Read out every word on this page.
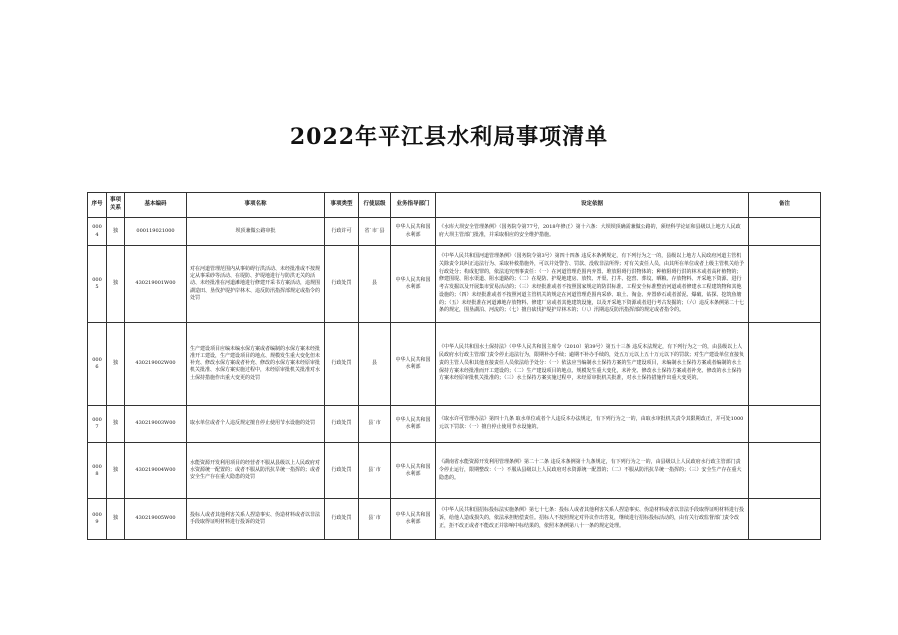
2022年平江县水利局事项清单
序号	事项关系	基本编码	事项名称	事项类型	行使层级	业务指导部门	设定依据	备注
0004	独	000119021000	坝顶兼做公路审批	行政许可	省`市`县	中华人民共和国水利部	《水库大坝安全管理条例》（国务院令第77号，2018年修正）第十六条：大坝坝顶确需兼做公路的，须经科学论证和县级以上地方人民政府大坝主管部门批准，并采取相应的安全维护措施。	
0005	独	430219001W00	对在河道管理范围内从事妨碍行洪活动、未经批准或不按规定从事采砂等活动、在堤防、护堤地进行与防洪无关的活动、未经批准在河道滩地进行修建开采书方案活动，违规围湖造田、垦伐护堤护岸林木、违反防汛指挥部规定或指令的处罚	行政处罚	县	中华人民共和国水利部	《中华人民共和国河道管理条例》（国务院令第3号）第四十四条 违反本条例规定，有下列行为之一的，县级以上地方人民政府河道主管机关除责令其纠正违法行为、采取补救措施外，可以并处警告、罚款、没收非法所得；对有关责任人员，由其所在单位或者上级主管机关给予行政处分；构成犯罪的，依法追究刑事责任：（一）在河道管理范围内弃置、堆放阻碍行洪物体的；种植阻碍行洪的林木或者高秆植物的；修建围堤、阻水渠道、阻水道路的；（二）在堤防、护堤地建房、放牧、开渠、打井、挖窖、葬坟、晒粮、存放物料、开采地下资源、进行考古发掘以及开展集市贸易活动的；（三）未经批准或者不按照国家规定的防洪标准、工程安全标准整治河道或者修建水工程建筑物和其他设施的；（四）未经批准或者不按照河道主管机关的规定在河道管理范围内采砂、取土、淘金、弃置砂石或者淤泥、爆破、钻探、挖筑鱼塘的；（五）未经批准在河道滩地存放物料、修建厂房或者其他建筑设施，以及开采地下资源或者进行考古发掘的；（六）违反本条例第二十七条的规定，围垦湖泊、河流的；（七）擅自砍伐护堤护岸林木的；（八）汛期违反防汛指挥部的规定或者指令的。	
0006	独	430219002W00	生产建设项目应编未编水保方案或者编制的水保方案未经批准开工建设，生产建设项目的地点、规模发生重大变化但未补充、修改水保方案或者补充、修改的水保方案未经原审批机关批准、水保方案实施过程中，未经原审批机关批准对水土保持措施作出重大变更的处罚	行政处罚	县	中华人民共和国水利部	《中华人民共和国水土保持法》（中华人民共和国主席令（2010）第39号）第五十三条 违反本法规定，有下列行为之一的，由县级以上人民政府水行政主管部门责令停止违法行为，限期补办手续；逾期不补办手续的，处五万元以上五十万元以下的罚款；对生产建设单位直接负责的主管人员和其他直接责任人员依法给予处分：（一）依法应当编制水土保持方案的生产建设项目，未编制水土保持方案或者编制的水土保持方案未经批准而开工建设的；（二）生产建设项目的地点、规模发生重大变化，未补充、修改水土保持方案或者补充、修改的水土保持方案未经原审批机关批准的；（三）水土保持方案实施过程中，未经原审批机关批准，对水土保持措施作出重大变更的。	
0007	独	430219003W00	取水单位或者个人违反规定擅自停止使用节水设施的处罚	行政处罚	县`市	中华人民共和国水利部	《取水许可管理办法》第四十九条 取水单位或者个人违反本办法规定，有下列行为之一的，由取水审批机关责令其限期改正，并可处1000元以下罚款：（一）擅自停止使用节水设施的。	
0008	独	430219004W00	水能资源开发利用项目的经营者不服从县级以上人民政府对水资源统一配置的；或者不服从防汛抗旱统一指挥的；或者安全生产存在重大隐患的处罚	行政处罚	县`市	中华人民共和国水利部	《湖南省水能资源开发利用管理条例》第二十二条 违反本条例第十九条规定，有下列行为之一的，由县级以上人民政府水行政主管部门责令停止运行，限期整改：（一）不服从县级以上人民政府对水资源统一配置的；（二）不服从防汛抗旱统一指挥的；（三）安全生产存在重大隐患的。	
0009	独	430219005W00	投标人或者其他利害关系人捏造事实、伪造材料或者以非法手段取得证明材料进行投诉的处罚	行政处罚	县`市	中华人民共和国水利部	《中华人民共和国招标投标法实施条例》第七十七条：投标人或者其他利害关系人捏造事实、伪造材料或者以非法手段取得证明材料进行投诉，给他人造成损失的，依法承担赔偿责任。招标人不按照规定对异议作出答复，继续进行招标投标活动的，由有关行政监督部门责令改正，拒不改正或者不能改正并影响中标结果的，依照本条例第八十一条的规定处理。	
